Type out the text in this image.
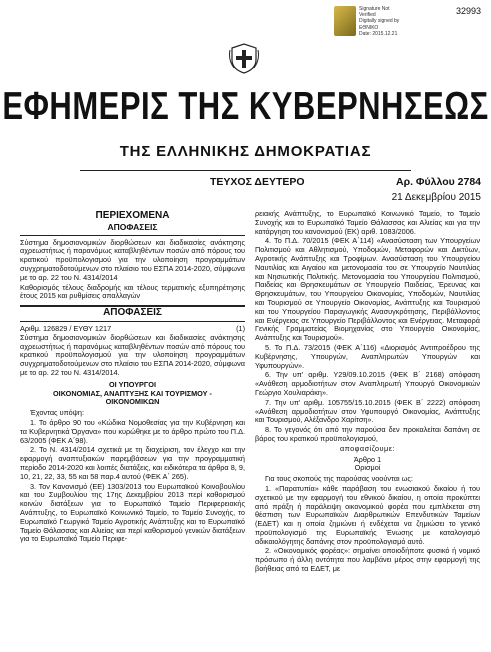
32993
Signature Not
Verified
Digitally signed by
ΕΘΝΙΚΟ
Date: 2015.12.21
ΕΦΗΜΕΡΙΣ ΤΗΣ ΚΥΒΕΡΝΗΣΕΩΣ
ΤΗΣ ΕΛΛΗΝΙΚΗΣ ΔΗΜΟΚΡΑΤΙΑΣ
ΤΕΥΧΟΣ ΔΕΥΤΕΡΟ	Αρ. Φύλλου 2784
21 Δεκεμβρίου 2015
ΠΕΡΙΕΧΟΜΕΝΑ
ΑΠΟΦΑΣΕΙΣ
Σύστημα δημοσιονομικών διορθώσεων και διαδικασίες ανάκτησης αχρεωστήτως ή παρανόμως καταβληθέντων ποσών από πόρους του κρατικού προϋπολογισμού για την υλοποίηση προγραμμάτων συγχρηματοδοτούμενων στο πλαίσιο του ΕΣΠΑ 2014-2020, σύμφωνα με το αρ. 22 του Ν. 4314/2014
Καθορισμός τέλους διαδρομής και τέλους τερματικής εξυπηρέτησης έτους 2015 και ρυθμίσεις απαλλαγών
ΑΠΟΦΑΣΕΙΣ
Αριθμ. 126829 / ΕΥΘΥ 1217	(1)
Σύστημα δημοσιονομικών διορθώσεων και διαδικασίες ανάκτησης αχρεωστήτως ή παρανόμως καταβληθέντων ποσών από πόρους του κρατικού προϋπολογισμού για την υλοποίηση προγραμμάτων συγχρηματοδοτούμενων στο πλαίσιο του ΕΣΠΑ 2014-2020, σύμφωνα με το αρ. 22 του Ν. 4314/2014.
ΟΙ ΥΠΟΥΡΓΟΙ
ΟΙΚΟΝΟΜΙΑΣ, ΑΝΑΠΤΥΞΗΣ ΚΑΙ ΤΟΥΡΙΣΜΟΥ -
ΟΙΚΟΝΟΜΙΚΩΝ
Έχοντας υπόψη:
1. Το άρθρο 90 του «Κώδικα Νομοθεσίας για την Κυβέρνηση και τα Κυβερνητικά Όργανα» που κυρώθηκε με το άρθρο πρώτο του Π.Δ. 63/2005 (ΦΕΚ Α΄98).
2. Το Ν. 4314/2014 σχετικά με τη διαχείριση, τον έλεγχο και την εφαρμογή αναπτυξιακών παρεμβάσεων για την προγραμματική περίοδο 2014-2020 και λοιπές διατάξεις, και ειδικότερα τα άρθρα 8, 9, 10, 21, 22, 33, 55 και 58 παρ.4 αυτού (ΦΕΚ Α΄ 265).
3. Τον Κανονισμό (ΕΕ) 1303/2013 του Ευρωπαϊκού Κοινοβουλίου και του Συμβουλίου της 17ης Δεκεμβρίου 2013 περί καθορισμού κοινών διατάξεων για το Ευρωπαϊκό Ταμείο Περιφερειακής Ανάπτυξης, το Ευρωπαϊκό Κοινωνικό Ταμείο, το Ταμείο Συνοχής, το Ευρωπαϊκό Γεωργικό Ταμείο Αγροτικής Ανάπτυξης και το Ευρωπαϊκό Ταμείο Θάλασσας και Αλιείας και περί καθορισμού γενικών διατάξεων για το Ευρωπαϊκό Ταμείο Περιφε-
ρειακής Ανάπτυξης, το Ευρωπαϊκό Κοινωνικό Ταμείο, το Ταμείο Συνοχής και το Ευρωπαϊκό Ταμείο Θάλασσας και Αλιείας και για την κατάργηση του κανονισμού (ΕΚ) αριθ. 1083/2006.
4. Το Π.Δ. 70/2015 (ΦΕΚ Α΄114) «Ανασύσταση των Υπουργείων Πολιτισμού και Αθλητισμού, Υποδομών, Μεταφορών και Δικτύων, Αγροτικής Ανάπτυξης και Τροφίμων. Ανασύσταση του Υπουργείου Ναυτιλίας και Αιγαίου και μετονομασία του σε Υπουργείο Ναυτιλίας και Νησιωτικής Πολιτικής. Μετονομασία του Υπουργείου Πολιτισμού, Παιδείας και Θρησκευμάτων σε Υπουργείο Παιδείας, Έρευνας και Θρησκευμάτων, του Υπουργείου Οικονομίας, Υποδομών, Ναυτιλίας και Τουρισμού σε Υπουργείο Οικονομίας, Ανάπτυξης και Τουρισμού και του Υπουργείου Παραγωγικής Ανασυγκρότησης, Περιβάλλοντος και Ενέργειας σε Υπουργείο Περιβάλλοντος και Ενέργειας. Μεταφορά Γενικής Γραμματείας Βιομηχανίας στο Υπουργείο Οικονομίας, Ανάπτυξης και Τουρισμού».
5. Το Π.Δ. 73/2015 (ΦΕΚ Α΄116) «Διορισμός Αντιπροέδρου της Κυβέρνησης, Υπουργών, Αναπληρωτών Υπουργών και Υφυπουργών».
6. Την υπ' αριθμ. Υ29/09.10.2015 (ΦΕΚ Β΄ 2168) απόφαση «Ανάθεση αρμοδιοτήτων στον Αναπληρωτή Υπουργό Οικονομικών Γεώργιο Χουλιαράκη».
7. Την υπ' αριθμ. 105755/15.10.2015 (ΦΕΚ Β΄ 2222) απόφαση «Ανάθεση αρμοδιοτήτων στον Υφυπουργό Οικονομίας, Ανάπτυξης και Τουρισμού, Αλέξανδρο Χαρίτση».
8. Το γεγονός ότι από την παρούσα δεν προκαλείται δαπάνη σε βάρος του κρατικού προϋπολογισμού,
αποφασίζουμε:
Άρθρο 1
Ορισμοί
Για τους σκοπούς της παρούσας νοούνται ως:
1. «Παρατυπία» κάθε παράβαση του ενωσιακού δικαίου ή του σχετικού με την εφαρμογή του εθνικού δικαίου, η οποία προκύπτει από πράξη ή παράλειψη οικονομικού φορέα που εμπλέκεται στη θέσπιση των Ευρωπαϊκών Διαρθρωτικών Επενδυτικών Ταμείων (ΕΔΕΤ) και η οποία ζημιώνει ή ενδέχεται να ζημιώσει το γενικό προϋπολογισμό της Ευρωπαϊκής Ένωσης με καταλογισμό αδικαιολόγητης δαπάνης στον προϋπολογισμό αυτό.
2. «Οικονομικός φορέας»: σημαίνει οποιοδήποτε φυσικό ή νομικό πρόσωπο ή άλλη οντότητα που λαμβάνει μέρος στην εφαρμογή της βοήθειας από τα ΕΔΕΤ, με
